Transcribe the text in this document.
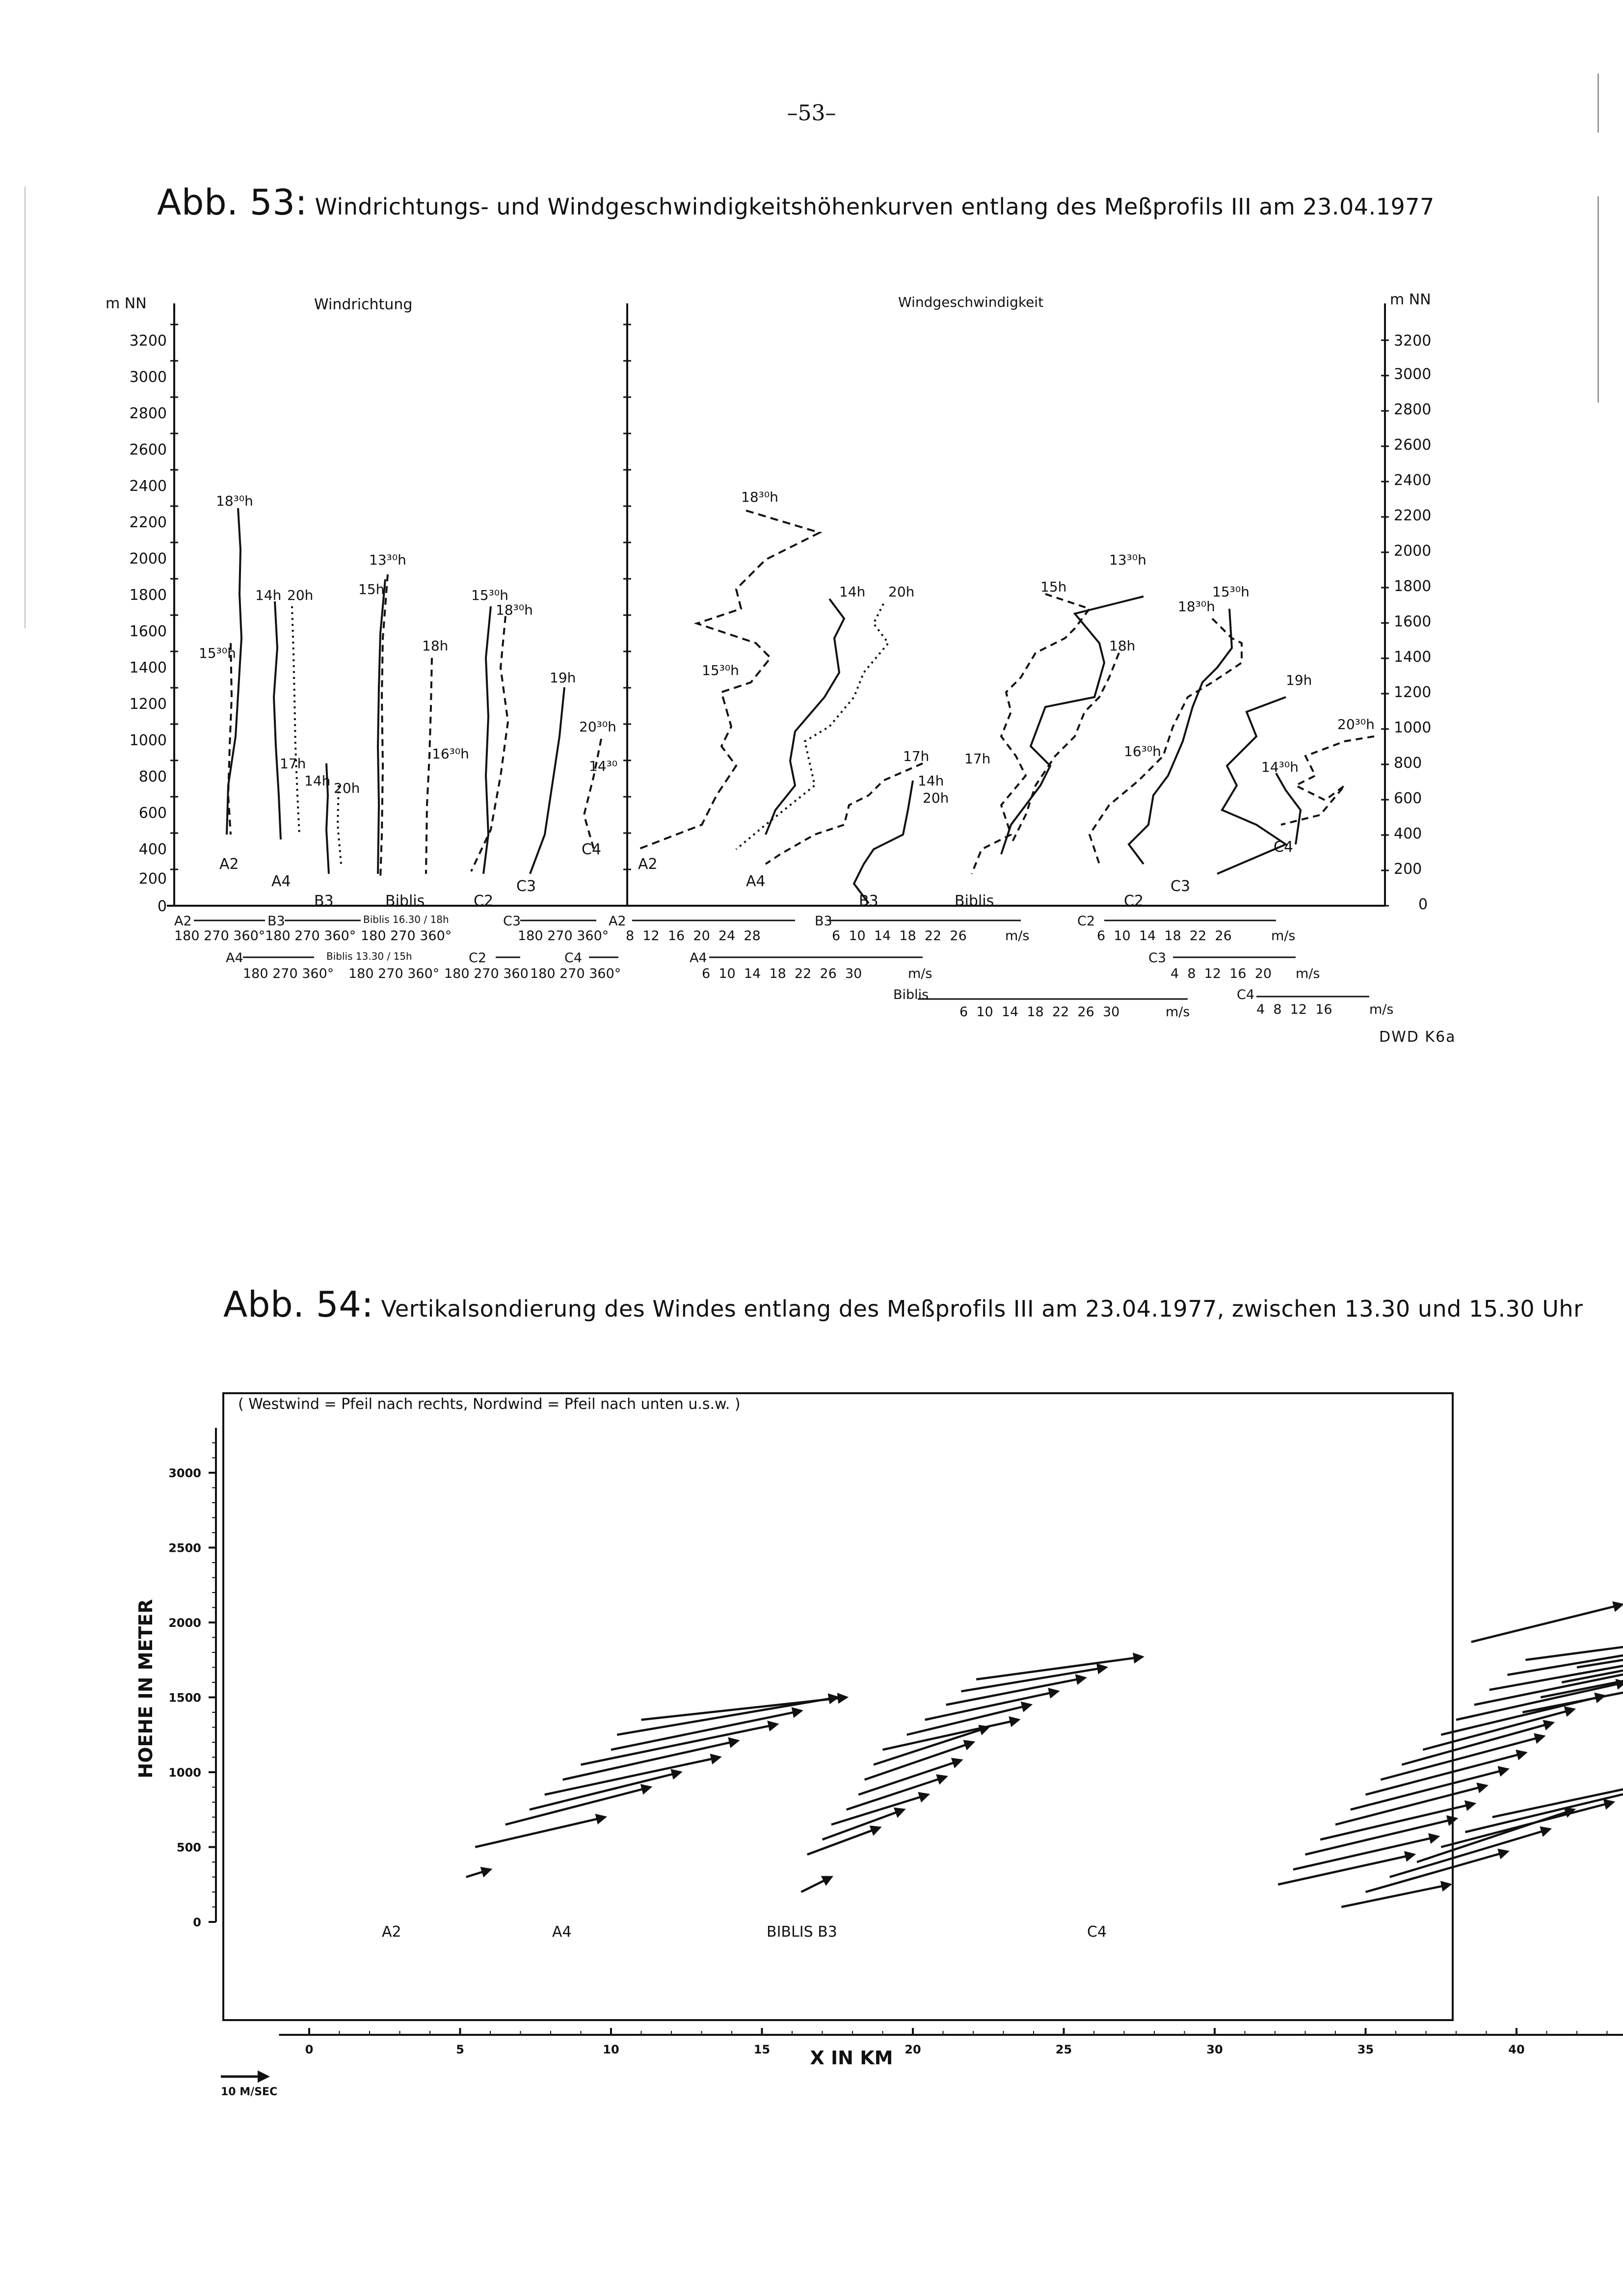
–53–
Abb. 53: Windrichtungs- und Windgeschwindigkeitshöhenkurven entlang des Meßprofils III am 23.04.1977
m NN	m NN
Windrichtung	Windgeschwindigkeit
3200
3000
2800
2600
2400
2200
2000
1800
1600
1400
1200
1000
800
600
400
200
0
3200
3000
2800
2600
2400
2200
2000
1800
1600
1400
1200
1000
800
600
400
200
0
18³⁰h
14h 20h
15³⁰h
17h
14h 20h
13³⁰h
15h	15³⁰h
18³⁰h
18h
16³⁰h
19h
20³⁰h
14³⁰
A2
A4
B3	Biblis	C2
C3
C4
18³⁰h
14h 20h
15³⁰h
17h
14h
20h
17h
15h
13³⁰h
18h
18³⁰h
15³⁰h
16³⁰h
19h
20³⁰h
14³⁰h
A2
A4
B3	Biblis	C2
C3
C4
A2
180 270 360°
B3
180 270 360°
Biblis 16.30 / 18h
180 270 360°
C3
180 270 360°
A4
180 270 360°
Biblis 13.30 / 15h
180 270 360°
C2
180 270 360
C4
180 270 360°
A2
8  12  16  20  24  28
B3
6  10  14  18  22  26	m/s
A4
6  10  14  18  22  26  30	m/s
Biblis
6  10  14  18  22  26  30	m/s
C2
6  10  14  18  22  26	m/s
C3
4  8  12  16  20 m/s
C4
4  8  12  16	m/s
DWD K6a
Abb. 54: Vertikalsondierung des Windes entlang des Meßprofils III am 23.04.1977, zwischen 13.30 und 15.30 Uhr
( Westwind = Pfeil nach rechts, Nordwind = Pfeil nach unten u.s.w. )
HOEHE IN METER
X IN KM
0
500
1000
1500
2000
2500
3000
0	5	10	15	20	25	30	35	40
A2	A4	BIBLIS B3	C4
10 M/SEC
